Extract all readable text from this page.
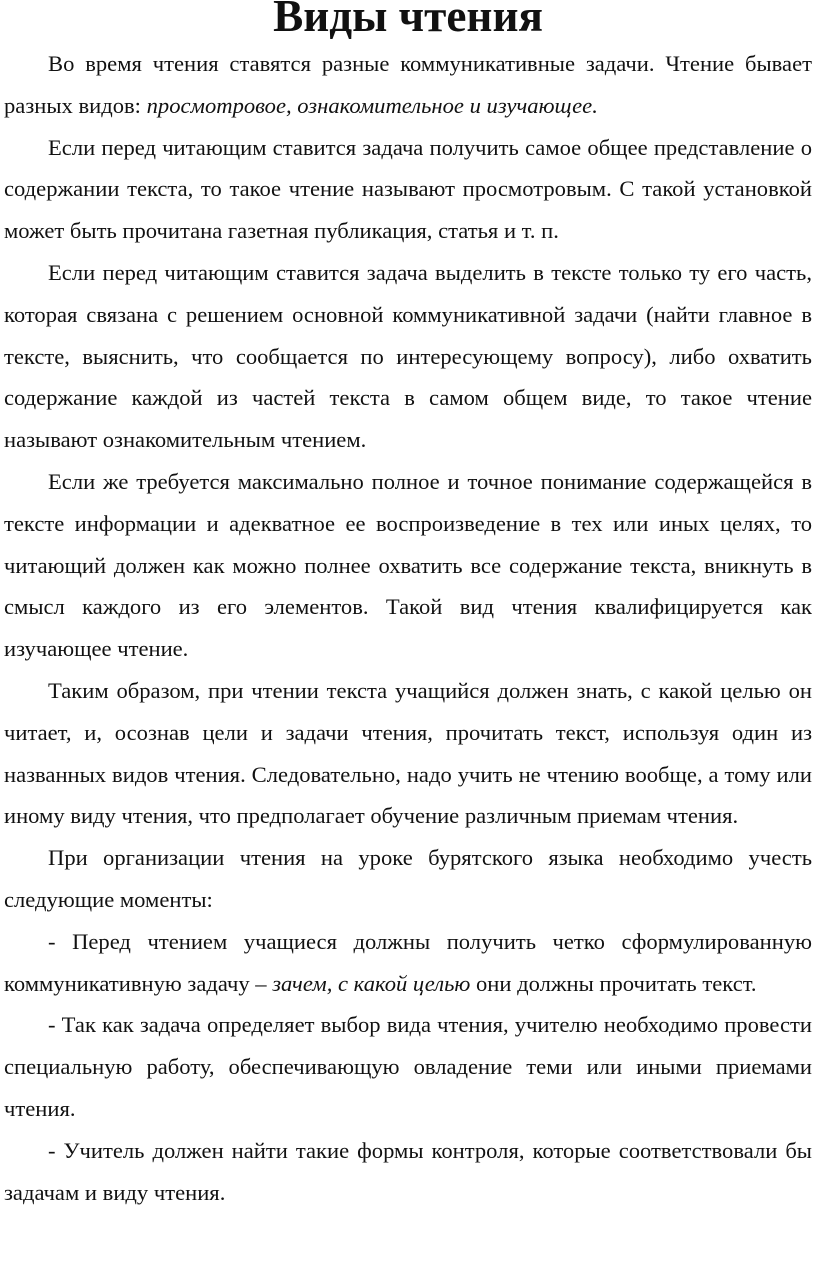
Виды чтения

Во время чтения ставятся разные коммуникативные задачи. Чтение бывает разных видов: просмотровое, ознакомительное и изучающее.

Если перед читающим ставится задача получить самое общее представление о содержании текста, то такое чтение называют просмотровым. С такой установкой может быть прочитана газетная публикация, статья и т. п.

Если перед читающим ставится задача выделить в тексте только ту его часть, которая связана с решением основной коммуникативной задачи (найти главное в тексте, выяснить, что сообщается по интересующему вопросу), либо охватить содержание каждой из частей текста в самом общем виде, то такое чтение называют ознакомительным чтением.

Если же требуется максимально полное и точное понимание содержащейся в тексте информации и адекватное ее воспроизведение в тех или иных целях, то читающий должен как можно полнее охватить все содержание текста, вникнуть в смысл каждого из его элементов. Такой вид чтения квалифицируется как изучающее чтение.

Таким образом, при чтении текста учащийся должен знать, с какой целью он читает, и, осознав цели и задачи чтения, прочитать текст, используя один из названных видов чтения. Следовательно, надо учить не чтению вообще, а тому или иному виду чтения, что предполагает обучение различным приемам чтения.

При организации чтения на уроке бурятского языка необходимо учесть следующие моменты:

- Перед чтением учащиеся должны получить четко сформулированную коммуникативную задачу – зачем, с какой целью они должны прочитать текст.

- Так как задача определяет выбор вида чтения, учителю необходимо провести специальную работу, обеспечивающую овладение теми или иными приемами чтения.

- Учитель должен найти такие формы контроля, которые соответствовали бы задачам и виду чтения.
